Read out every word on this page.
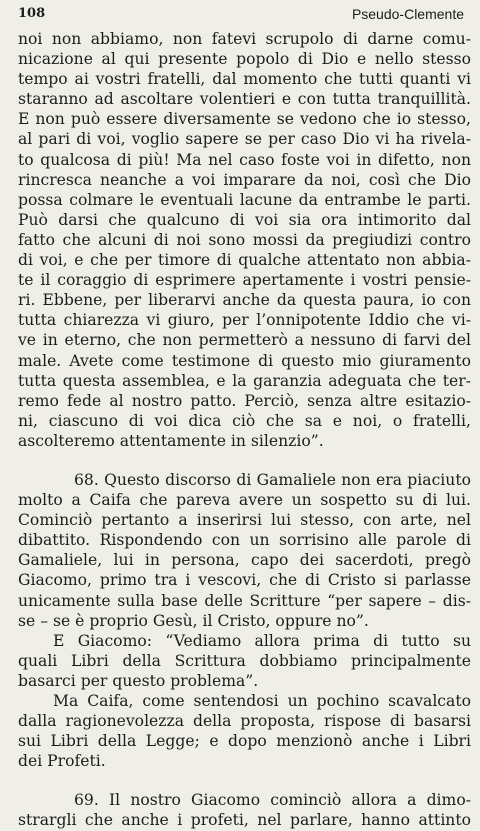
108	Pseudo-Clemente
noi non abbiamo, non fatevi scrupolo di darne comu-
nicazione al qui presente popolo di Dio e nello stesso
tempo ai vostri fratelli, dal momento che tutti quanti vi
staranno ad ascoltare volentieri e con tutta tranquillità.
E non può essere diversamente se vedono che io stesso,
al pari di voi, voglio sapere se per caso Dio vi ha rivela-
to qualcosa di più! Ma nel caso foste voi in difetto, non
rincresca neanche a voi imparare da noi, così che Dio
possa colmare le eventuali lacune da entrambe le parti.
Può darsi che qualcuno di voi sia ora intimorito dal
fatto che alcuni di noi sono mossi da pregiudizi contro
di voi, e che per timore di qualche attentato non abbia-
te il coraggio di esprimere apertamente i vostri pensie-
ri. Ebbene, per liberarvi anche da questa paura, io con
tutta chiarezza vi giuro, per l’onnipotente Iddio che vi-
ve in eterno, che non permetterò a nessuno di farvi del
male. Avete come testimone di questo mio giuramento
tutta questa assemblea, e la garanzia adeguata che ter-
remo fede al nostro patto. Perciò, senza altre esitazio-
ni, ciascuno di voi dica ciò che sa e noi, o fratelli,
ascolteremo attentamente in silenzio”.
68. Questo discorso di Gamaliele non era piaciuto
molto a Caifa che pareva avere un sospetto su di lui.
Cominciò pertanto a inserirsi lui stesso, con arte, nel
dibattito. Rispondendo con un sorrisino alle parole di
Gamaliele, lui in persona, capo dei sacerdoti, pregò
Giacomo, primo tra i vescovi, che di Cristo si parlasse
unicamente sulla base delle Scritture “per sapere – dis-
se – se è proprio Gesù, il Cristo, oppure no”.
E Giacomo: “Vediamo allora prima di tutto su
quali Libri della Scrittura dobbiamo principalmente
basarci per questo problema”.
Ma Caifa, come sentendosi un pochino scavalcato
dalla ragionevolezza della proposta, rispose di basarsi
sui Libri della Legge; e dopo menzionò anche i Libri
dei Profeti.
69. Il nostro Giacomo cominciò allora a dimo-
strargli che anche i profeti, nel parlare, hanno attinto
